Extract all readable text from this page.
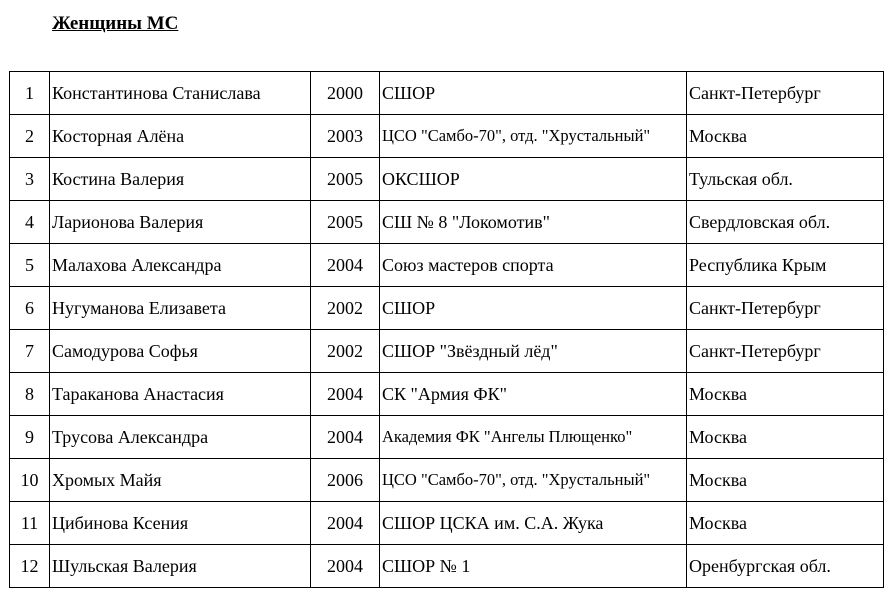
Женщины МС
1	Константинова Станислава	2000	СШОР	Санкт-Петербург
2	Косторная Алёна	2003	ЦСО "Самбо-70", отд. "Хрустальный"	Москва
3	Костина Валерия	2005	ОКСШОР	Тульская обл.
4	Ларионова Валерия	2005	СШ № 8 "Локомотив"	Свердловская обл.
5	Малахова Александра	2004	Союз мастеров спорта	Республика Крым
6	Нугуманова Елизавета	2002	СШОР	Санкт-Петербург
7	Самодурова Софья	2002	СШОР "Звёздный лёд"	Санкт-Петербург
8	Тараканова Анастасия	2004	СК "Армия ФК"	Москва
9	Трусова Александра	2004	Академия ФК "Ангелы Плющенко"	Москва
10	Хромых Майя	2006	ЦСО "Самбо-70", отд. "Хрустальный"	Москва
11	Цибинова Ксения	2004	СШОР ЦСКА им. С.А. Жука	Москва
12	Шульская Валерия	2004	СШОР № 1	Оренбургская обл.
